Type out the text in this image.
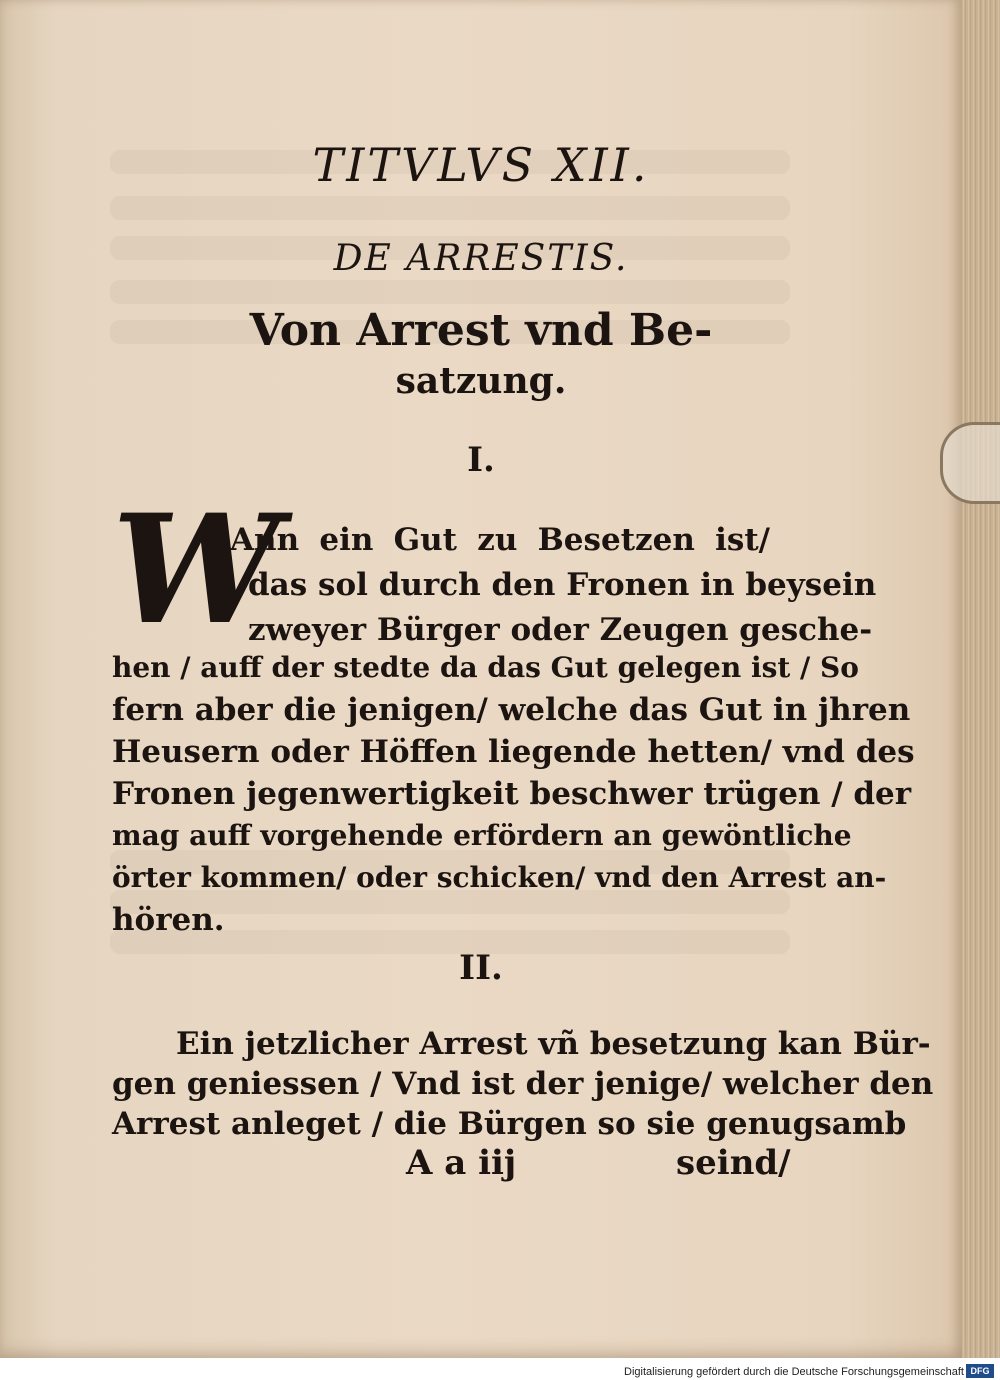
TITVLVS XII.
DE ARRESTIS.
Von Arrest vnd Be-
satzung.
I.
W
Ann ein Gut zu Besetzen ist/
das sol durch den Fronen in beysein
zweyer Bürger oder Zeugen gesche-
hen / auff der stedte da das Gut gelegen ist / So
fern aber die jenigen/ welche das Gut in jhren
Heusern oder Höffen liegende hetten/ vnd des
Fronen jegenwertigkeit beschwer trügen / der
mag auff vorgehende erfördern an gewöntliche
örter kommen/ oder schicken/ vnd den Arrest an-
hören.
II.
Ein jetzlicher Arrest vñ besetzung kan Bür-
gen geniessen / Vnd ist der jenige/ welcher den
Arrest anleget / die Bürgen so sie genugsamb
A a iij	seind/
Digitalisierung gefördert durch die Deutsche Forschungsgemeinschaft DFG
